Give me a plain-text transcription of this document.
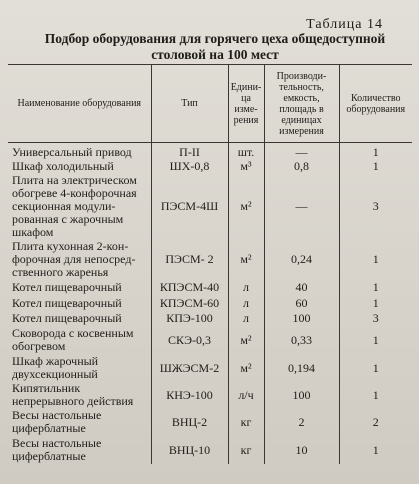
Таблица 14
Подбор оборудования для горячего цеха общедоступной столовой на 100 мест
Наименование оборудования	Тип	Единица измерения	Производительность, емкость, площадь в единицах измерения	Количество оборудования
Универсальный привод	П-II	шт.	—	1
Шкаф холодильный	ШХ-0,8	м³	0,8	1
Плита на электрическом обогреве 4-конфорочная секционная модулированная с жарочным шкафом	ПЭСМ-4Ш	м²	—	3
Плита кухонная 2-конфорочная для непосредственного жаренья	ПЭСМ- 2	м²	0,24	1
Котел пищеварочный	КПЭСМ-40	л	40	1
Котел пищеварочный	КПЭСМ-60	л	60	1
Котел пищеварочный	КПЭ-100	л	100	3
Сковорода с косвенным обогревом	СКЭ-0,3	м²	0,33	1
Шкаф жарочный двухсекционный	ШЖЭСМ-2	м²	0,194	1
Кипятильник непрерывного действия	КНЭ-100	л/ч	100	1
Весы настольные циферблатные	ВНЦ-2	кг	2	2
Весы настольные циферблатные	ВНЦ-10	кг	10	1
